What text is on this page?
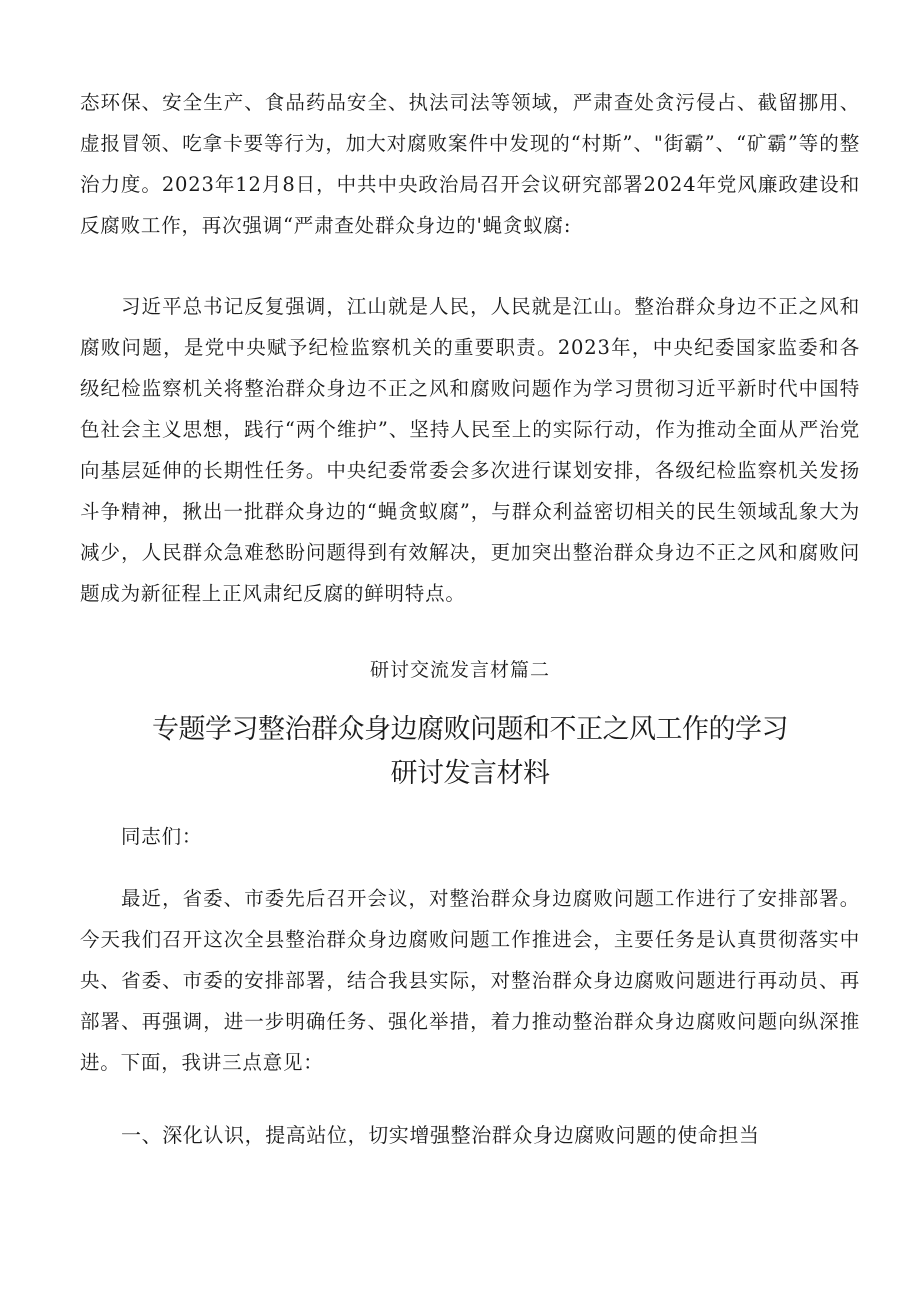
态环保、安全生产、食品药品安全、执法司法等领域，严肃查处贪污侵占、截留挪用、虚报冒领、吃拿卡要等行为，加大对腐败案件中发现的“村斯”、"街霸”、“矿霸”等的整治力度。2023年12月8日，中共中央政治局召开会议研究部署2024年党风廉政建设和反腐败工作，再次强调“严肃查处群众身边的'蝇贪蚁腐:

习近平总书记反复强调，江山就是人民，人民就是江山。整治群众身边不正之风和腐败问题，是党中央赋予纪检监察机关的重要职责。2023年，中央纪委国家监委和各级纪检监察机关将整治群众身边不正之风和腐败问题作为学习贯彻习近平新时代中国特色社会主义思想，践行“两个维护”、坚持人民至上的实际行动，作为推动全面从严治党向基层延伸的长期性任务。中央纪委常委会多次进行谋划安排，各级纪检监察机关发扬斗争精神，揪出一批群众身边的“蝇贪蚁腐”，与群众利益密切相关的民生领域乱象大为减少，人民群众急难愁盼问题得到有效解决，更加突出整治群众身边不正之风和腐败问题成为新征程上正风肃纪反腐的鲜明特点。

研讨交流发言材篇二

专题学习整治群众身边腐败问题和不正之风工作的学习
研讨发言材料

同志们：

最近，省委、市委先后召开会议，对整治群众身边腐败问题工作进行了安排部署。今天我们召开这次全县整治群众身边腐败问题工作推进会，主要任务是认真贯彻落实中央、省委、市委的安排部署，结合我县实际，对整治群众身边腐败问题进行再动员、再部署、再强调，进一步明确任务、强化举措，着力推动整治群众身边腐败问题向纵深推进。下面，我讲三点意见：

一、深化认识，提高站位，切实增强整治群众身边腐败问题的使命担当
